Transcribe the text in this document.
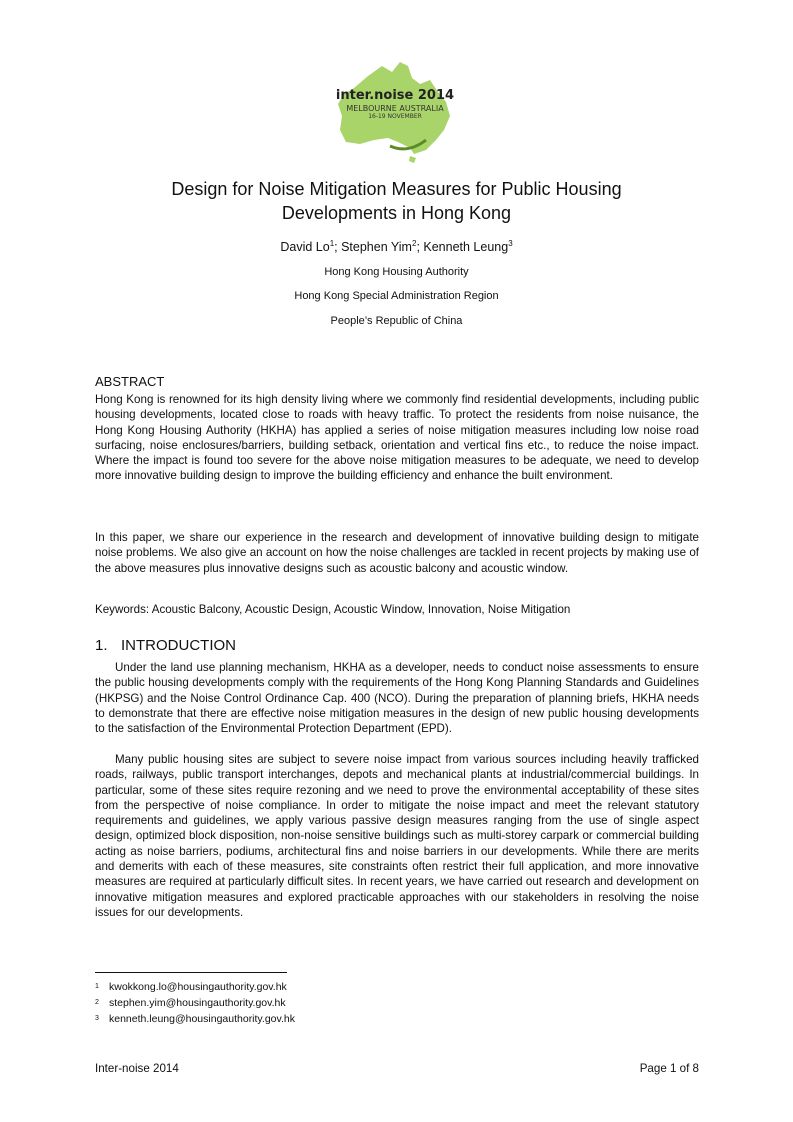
inter.noise 2014
MELBOURNE AUSTRALIA
16-19 NOVEMBER
Design for Noise Mitigation Measures for Public Housing
Developments in Hong Kong
David Lo$^1$; Stephen Yim$^2$; Kenneth Leung$^3$
Hong Kong Housing Authority
Hong Kong Special Administration Region
People’s Republic of China
ABSTRACT

Hong Kong is renowned for its high density living where we commonly find residential developments, including public housing developments, located close to roads with heavy traffic. To protect the residents from noise nuisance, the Hong Kong Housing Authority (HKHA) has applied a series of noise mitigation measures including low noise road surfacing, noise enclosures/barriers, building setback, orientation and vertical fins etc., to reduce the noise impact. Where the impact is found too severe for the above noise mitigation measures to be adequate, we need to develop more innovative building design to improve the building efficiency and enhance the built environment.

In this paper, we share our experience in the research and development of innovative building design to mitigate noise problems. We also give an account on how the noise challenges are tackled in recent projects by making use of the above measures plus innovative designs such as acoustic balcony and acoustic window.

Keywords: Acoustic Balcony, Acoustic Design, Acoustic Window, Innovation, Noise Mitigation

1. INTRODUCTION

Under the land use planning mechanism, HKHA as a developer, needs to conduct noise assessments to ensure the public housing developments comply with the requirements of the Hong Kong Planning Standards and Guidelines (HKPSG) and the Noise Control Ordinance Cap. 400 (NCO). During the preparation of planning briefs, HKHA needs to demonstrate that there are effective noise mitigation measures in the design of new public housing developments to the satisfaction of the Environmental Protection Department (EPD).

Many public housing sites are subject to severe noise impact from various sources including heavily trafficked roads, railways, public transport interchanges, depots and mechanical plants at industrial/commercial buildings. In particular, some of these sites require rezoning and we need to prove the environmental acceptability of these sites from the perspective of noise compliance. In order to mitigate the noise impact and meet the relevant statutory requirements and guidelines, we apply various passive design measures ranging from the use of single aspect design, optimized block disposition, non-noise sensitive buildings such as multi-storey carpark or commercial building acting as noise barriers, podiums, architectural fins and noise barriers in our developments. While there are merits and demerits with each of these measures, site constraints often restrict their full application, and more innovative measures are required at particularly difficult sites. In recent years, we have carried out research and development on innovative mitigation measures and explored practicable approaches with our stakeholders in resolving the noise issues for our developments.

$^1$ kwokkong.lo@housingauthority.gov.hk
$^2$ stephen.yim@housingauthority.gov.hk
$^3$ kenneth.leung@housingauthority.gov.hk
Inter-noise 2014	Page 1 of 8
